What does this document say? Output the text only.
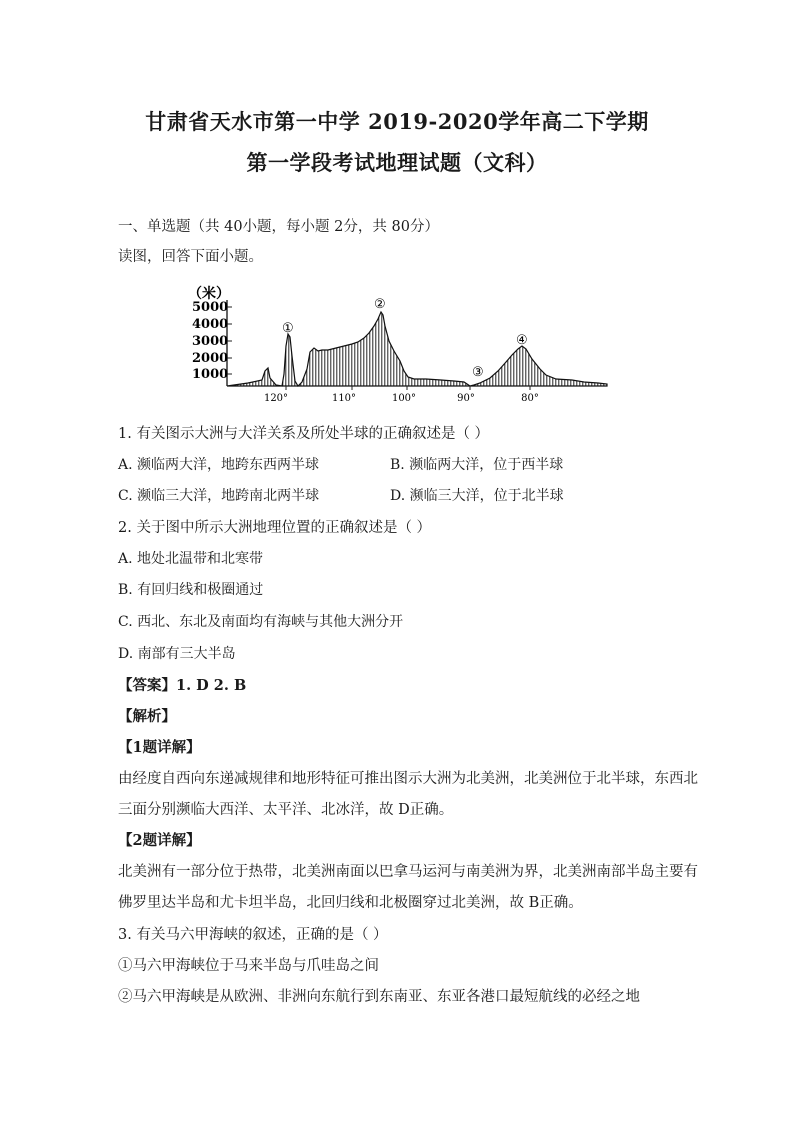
甘肃省天水市第一中学 2019-2020学年高二下学期
第一学段考试地理试题（文科）
一、单选题（共 40小题，每小题 2分，共 80分）
读图，回答下面小题。
（米）
5000
4000
3000
2000
1000
①
②
③
④
120°	110°	100°	90°	80°
1. 有关图示大洲与大洋关系及所处半球的正确叙述是（ ）
A. 濒临两大洋，地跨东西两半球	B. 濒临两大洋，位于西半球
C. 濒临三大洋，地跨南北两半球	D. 濒临三大洋，位于北半球
2. 关于图中所示大洲地理位置的正确叙述是（ ）
A. 地处北温带和北寒带
B. 有回归线和极圈通过
C. 西北、东北及南面均有海峡与其他大洲分开
D. 南部有三大半岛
【答案】1. D 2. B
【解析】
【1题详解】
由经度自西向东递减规律和地形特征可推出图示大洲为北美洲，北美洲位于北半球，东西北
三面分别濒临大西洋、太平洋、北冰洋，故 D正确。
【2题详解】
北美洲有一部分位于热带，北美洲南面以巴拿马运河与南美洲为界，北美洲南部半岛主要有
佛罗里达半岛和尤卡坦半岛，北回归线和北极圈穿过北美洲，故 B正确。
3. 有关马六甲海峡的叙述，正确的是（ ）
①马六甲海峡位于马来半岛与爪哇岛之间
②马六甲海峡是从欧洲、非洲向东航行到东南亚、东亚各港口最短航线的必经之地
